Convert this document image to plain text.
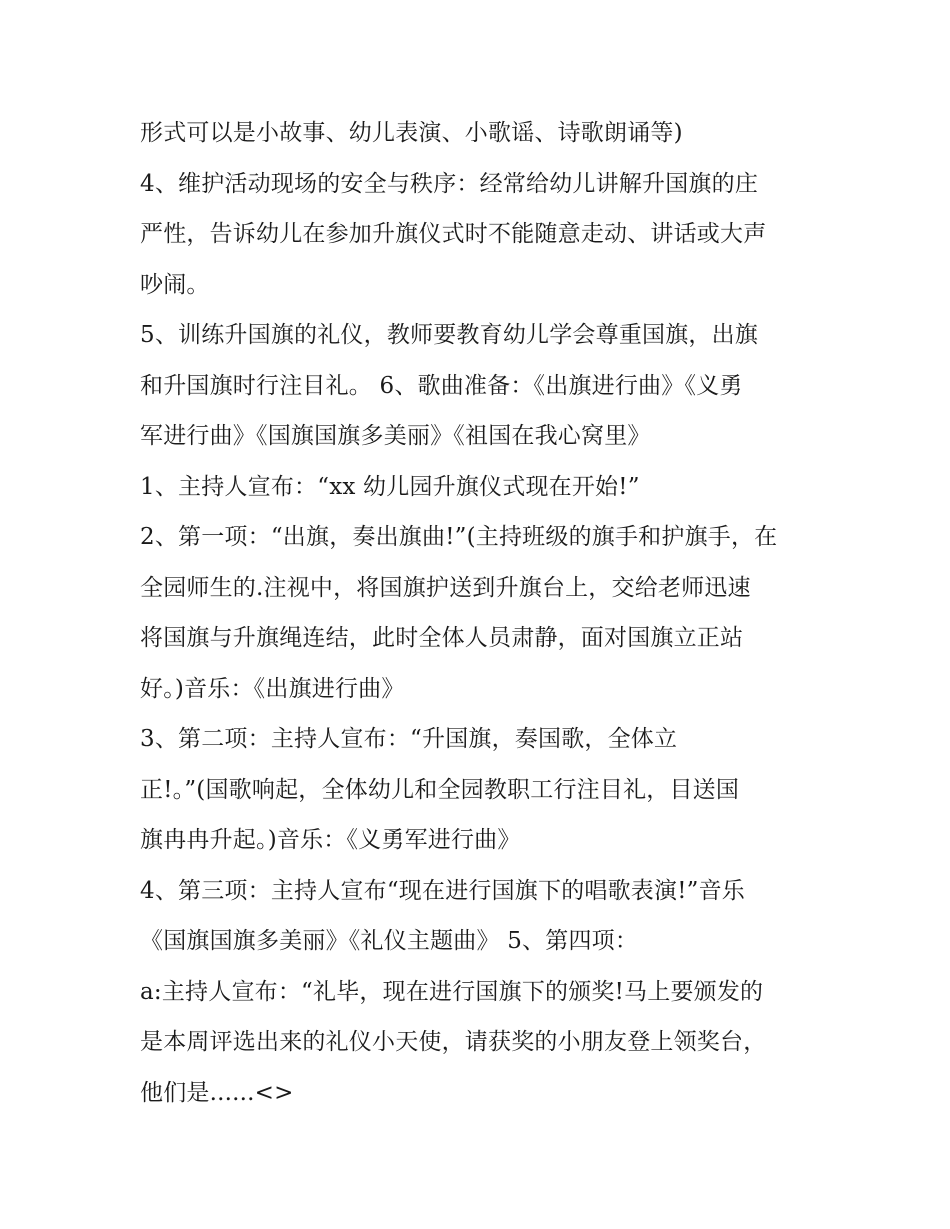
形式可以是小故事、幼儿表演、小歌谣、诗歌朗诵等)
4、维护活动现场的安全与秩序：经常给幼儿讲解升国旗的庄
严性，告诉幼儿在参加升旗仪式时不能随意走动、讲话或大声
吵闹。
5、训练升国旗的礼仪，教师要教育幼儿学会尊重国旗，出旗
和升国旗时行注目礼。 6、歌曲准备：《出旗进行曲》《义勇
军进行曲》《国旗国旗多美丽》《祖国在我心窝里》
1、主持人宣布：“xx 幼儿园升旗仪式现在开始!”
2、第一项：“出旗，奏出旗曲!”(主持班级的旗手和护旗手，在
全园师生的.注视中，将国旗护送到升旗台上，交给老师迅速
将国旗与升旗绳连结，此时全体人员肃静，面对国旗立正站
好。)音乐：《出旗进行曲》
3、第二项：主持人宣布：“升国旗，奏国歌，全体立
正!。”(国歌响起，全体幼儿和全园教职工行注目礼，目送国
旗冉冉升起。)音乐：《义勇军进行曲》
4、第三项：主持人宣布“现在进行国旗下的唱歌表演!”音乐
《国旗国旗多美丽》《礼仪主题曲》 5、第四项：
a:主持人宣布：“礼毕，现在进行国旗下的颁奖!马上要颁发的
是本周评选出来的礼仪小天使，请获奖的小朋友登上领奖台，
他们是......<>
